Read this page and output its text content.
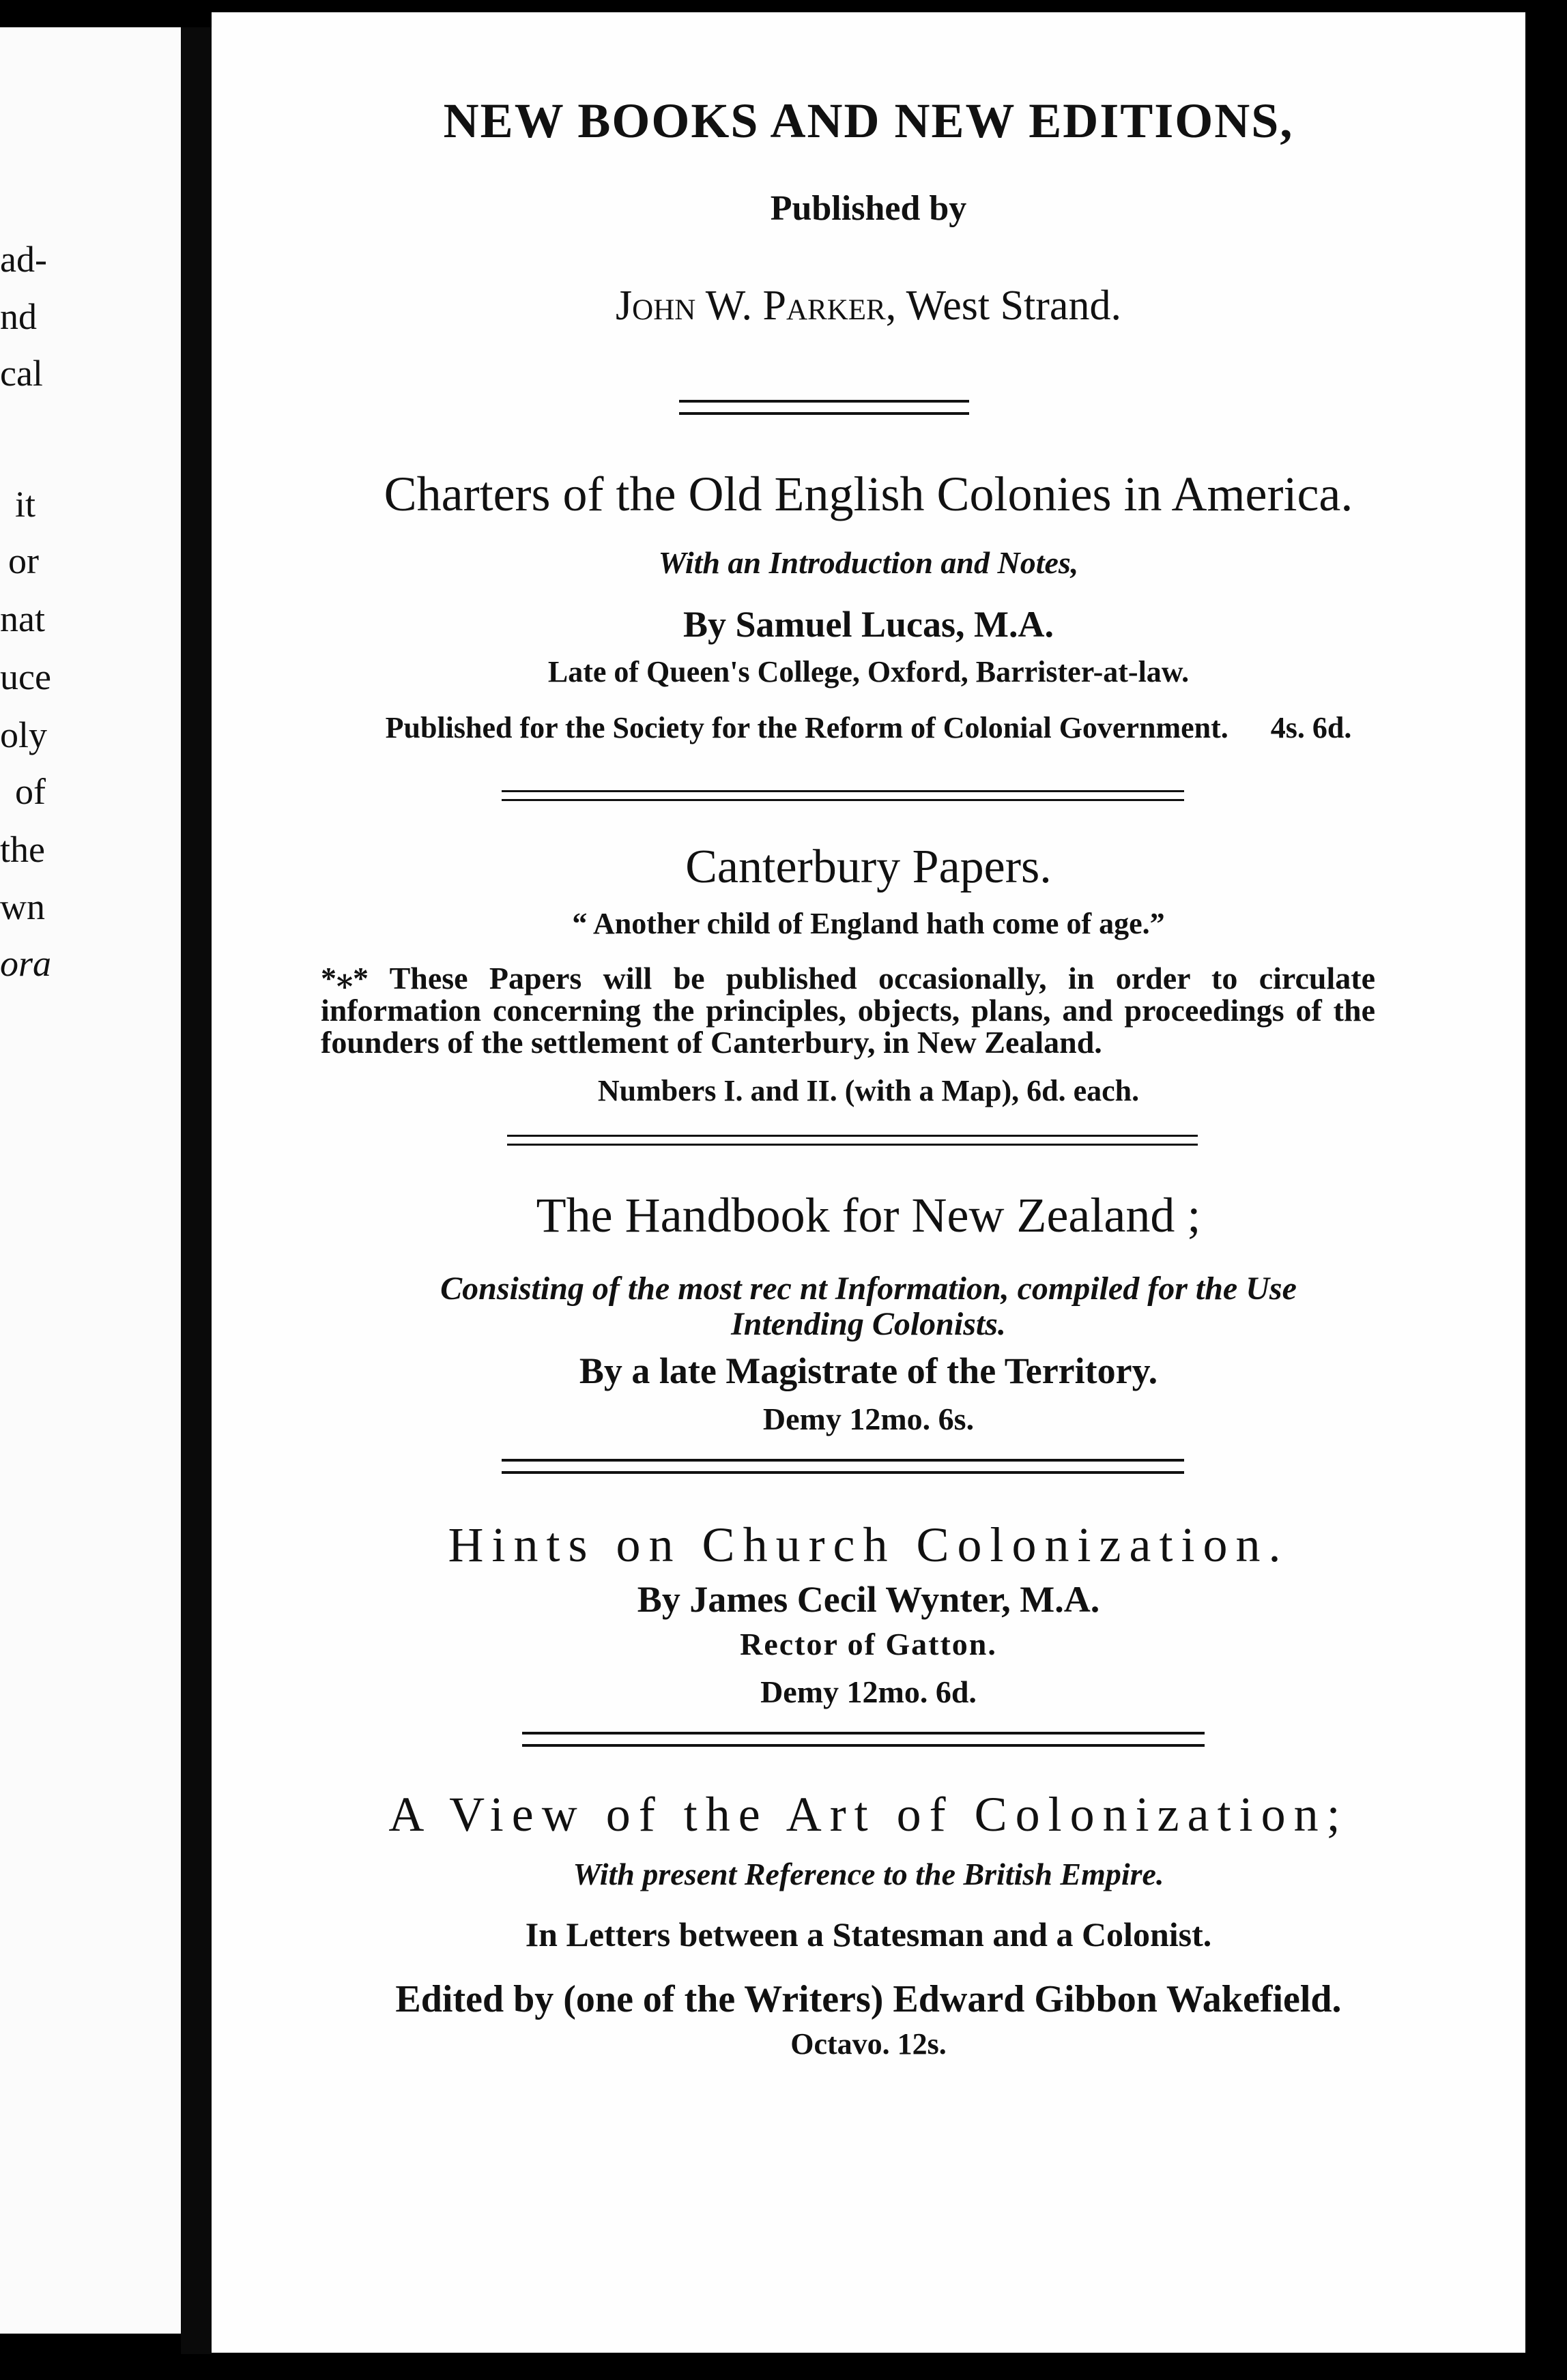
ad-
nd
cal
it
or
nat
uce
oly
of
the
wn
ora
NEW BOOKS AND NEW EDITIONS,
Published by
John W. Parker, West Strand.
Charters of the Old English Colonies in America.
With an Introduction and Notes,
By Samuel Lucas, M.A.
Late of Queen's College, Oxford, Barrister-at-law.
Published for the Society for the Reform of Colonial Government. 4s. 6d.
Canterbury Papers.
“ Another child of England hath come of age.”
*⁎* These Papers will be published occasionally, in order to circulate information concerning the principles, objects, plans, and proceedings of the founders of the settlement of Canterbury, in New Zealand.
Numbers I. and II. (with a Map), 6d. each.
The Handbook for New Zealand ;
Consisting of the most rec nt Information, compiled for the Use
Intending Colonists.
By a late Magistrate of the Territory.
Demy 12mo. 6s.
Hints on Church Colonization.
By James Cecil Wynter, M.A.
Rector of Gatton.
Demy 12mo. 6d.
A View of the Art of Colonization;
With present Reference to the British Empire.
In Letters between a Statesman and a Colonist.
Edited by (one of the Writers) Edward Gibbon Wakefield.
Octavo. 12s.
